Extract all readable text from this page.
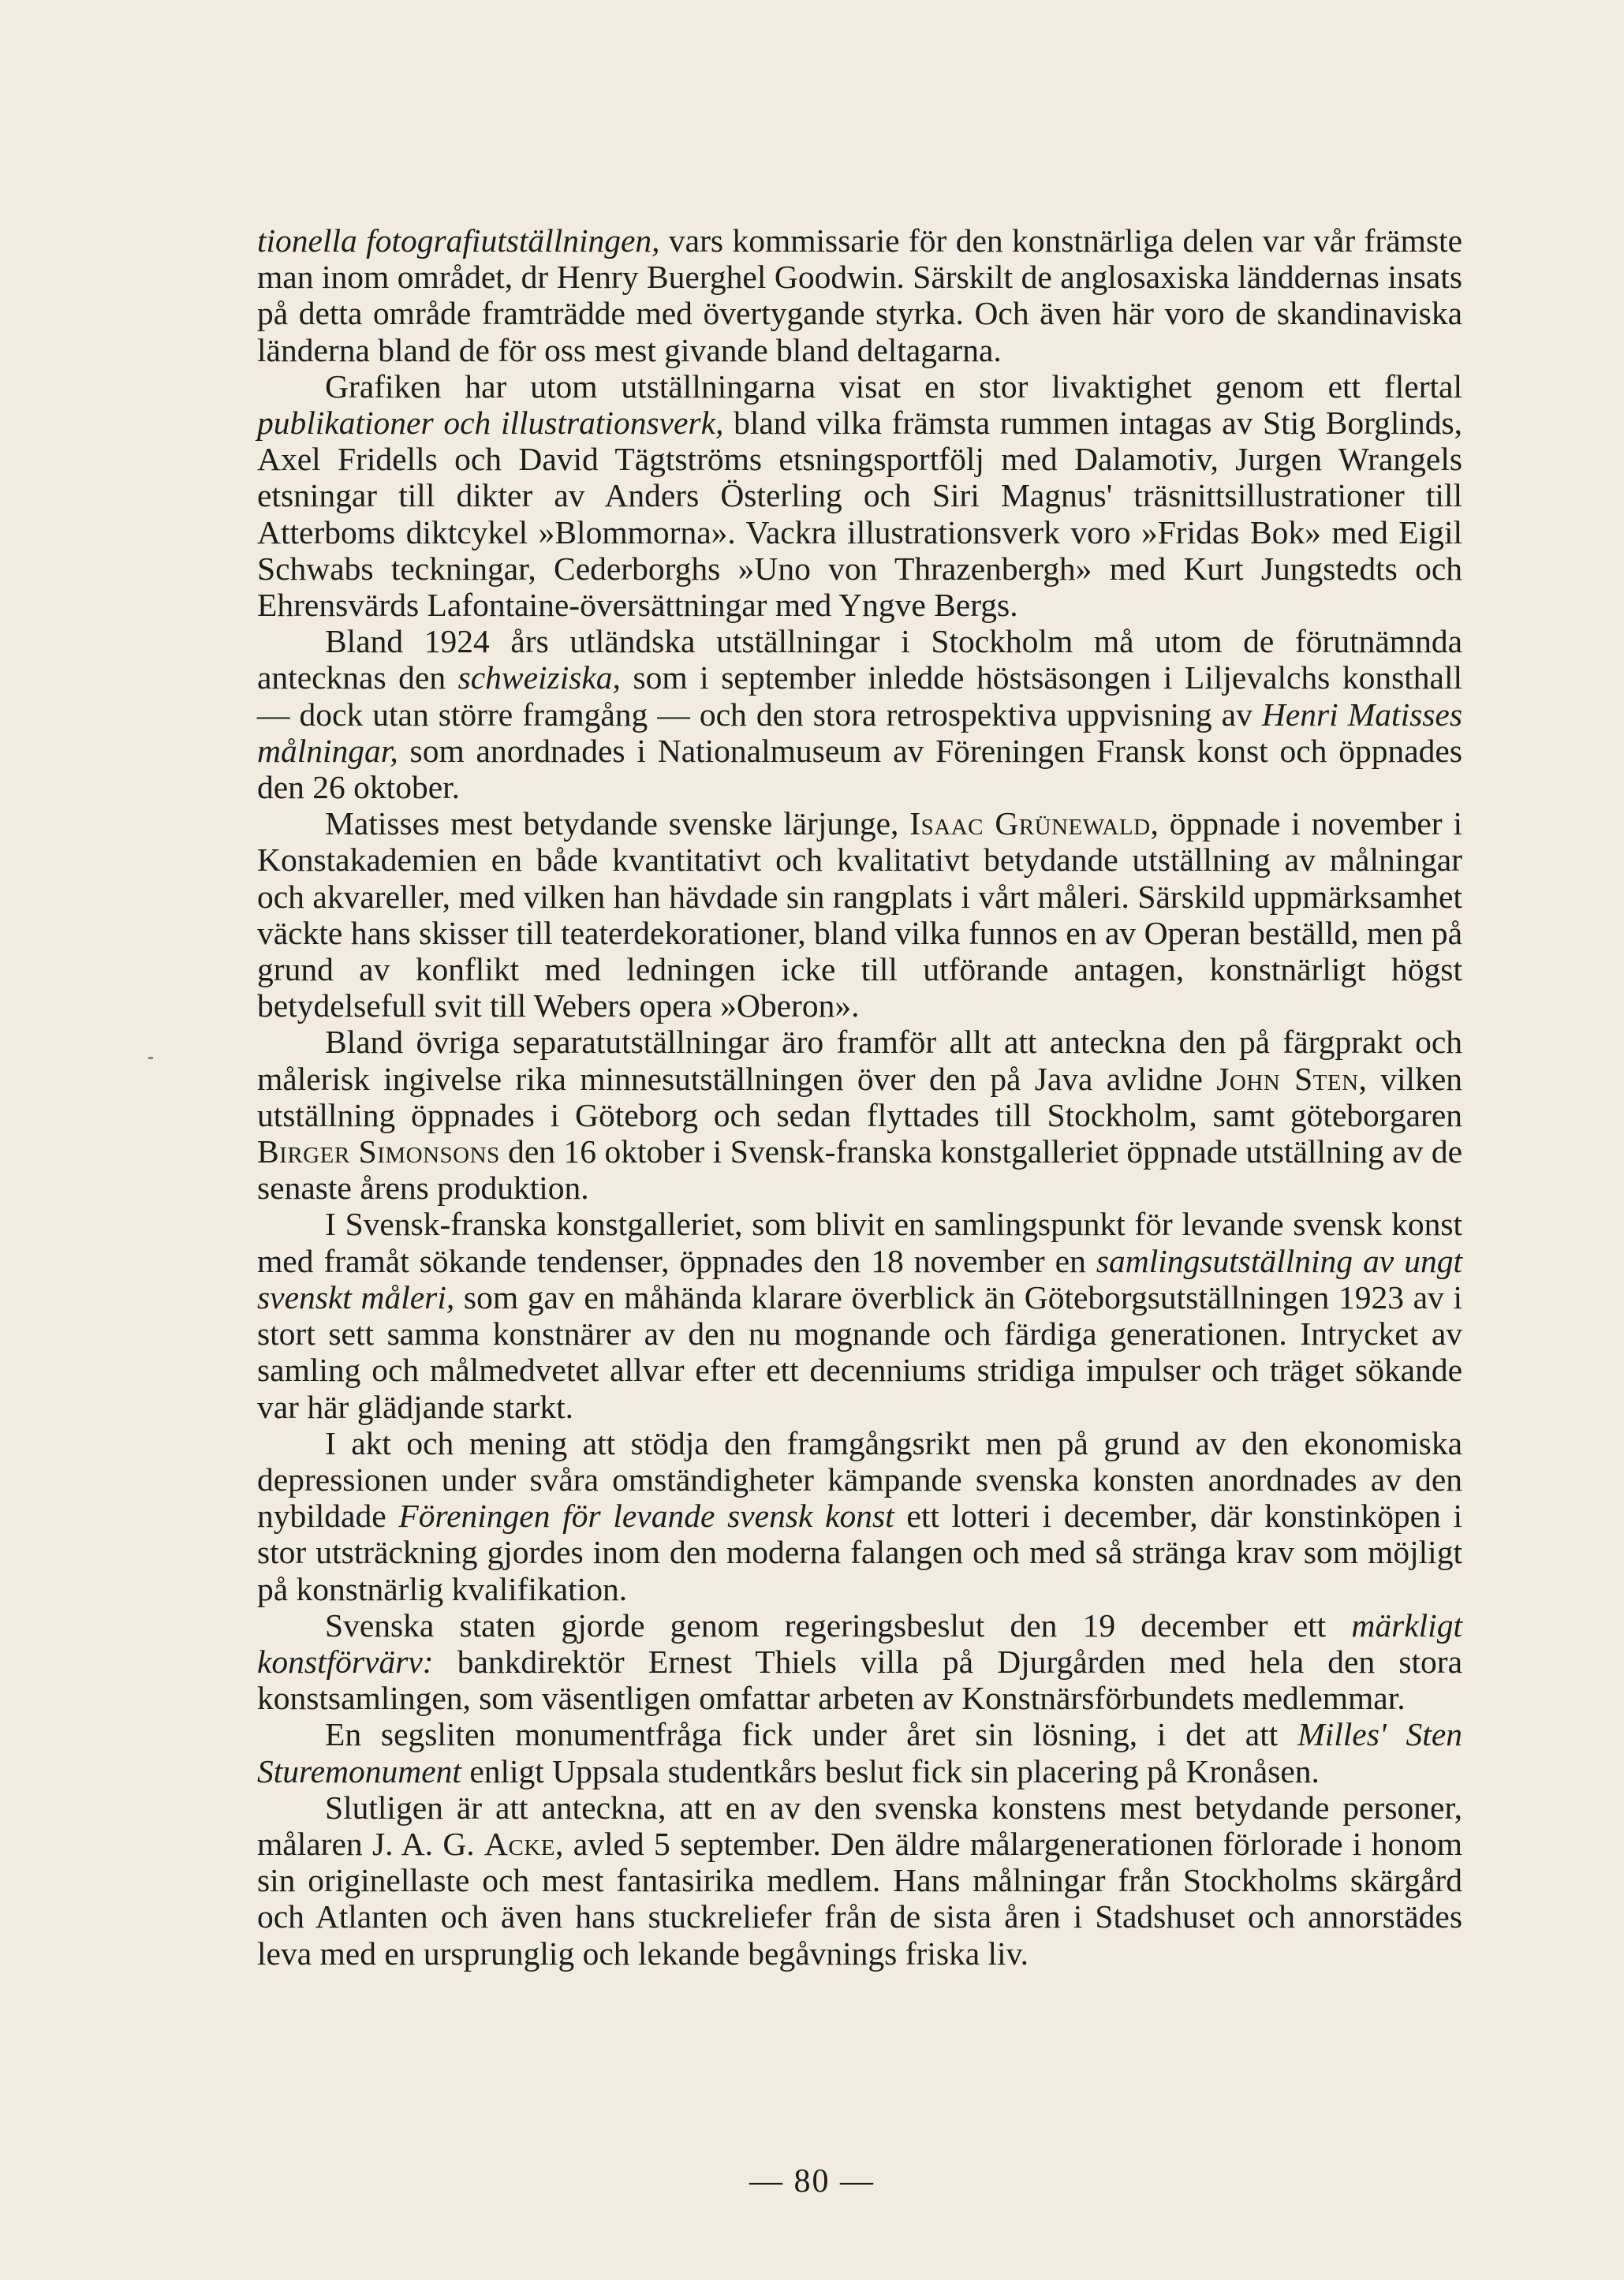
tionella fotografiutställningen, vars kommissarie för den konstnärliga delen var vår främste man inom området, dr Henry Buerghel Goodwin. Särskilt de anglosaxiska länddernas insats på detta område framträdde med övertygande styrka. Och även här voro de skandinaviska länderna bland de för oss mest givande bland deltagarna.

Grafiken har utom utställningarna visat en stor livaktighet genom ett flertal publikationer och illustrationsverk, bland vilka främsta rummen intagas av Stig Borglinds, Axel Fridells och David Tägtströms etsningsportfölj med Dalamotiv, Jurgen Wrangels etsningar till dikter av Anders Österling och Siri Magnus' träsnittsillustrationer till Atterboms diktcykel »Blommorna». Vackra illustrationsverk voro »Fridas Bok» med Eigil Schwabs teckningar, Cederborghs »Uno von Thrazenbergh» med Kurt Jungstedts och Ehrensvärds Lafontaine-översättningar med Yngve Bergs.

Bland 1924 års utländska utställningar i Stockholm må utom de förutnämnda antecknas den schweiziska, som i september inledde höstsäsongen i Liljevalchs konsthall — dock utan större framgång — och den stora retrospektiva uppvisning av Henri Matisses målningar, som anordnades i Nationalmuseum av Föreningen Fransk konst och öppnades den 26 oktober.

Matisses mest betydande svenske lärjunge, Isaac Grünewald, öppnade i november i Konstakademien en både kvantitativt och kvalitativt betydande utställning av målningar och akvareller, med vilken han hävdade sin rangplats i vårt måleri. Särskild uppmärksamhet väckte hans skisser till teaterdekorationer, bland vilka funnos en av Operan beställd, men på grund av konflikt med ledningen icke till utförande antagen, konstnärligt högst betydelsefull svit till Webers opera »Oberon».

Bland övriga separatutställningar äro framför allt att anteckna den på färgprakt och målerisk ingivelse rika minnesutställningen över den på Java avlidne John Sten, vilken utställning öppnades i Göteborg och sedan flyttades till Stockholm, samt göteborgaren Birger Simonsons den 16 oktober i Svensk-franska konstgalleriet öppnade utställning av de senaste årens produktion.

I Svensk-franska konstgalleriet, som blivit en samlingspunkt för levande svensk konst med framåt sökande tendenser, öppnades den 18 november en samlingsutställning av ungt svenskt måleri, som gav en måhända klarare överblick än Göteborgsutställningen 1923 av i stort sett samma konstnärer av den nu mognande och färdiga generationen. Intrycket av samling och målmedvetet allvar efter ett decenniums stridiga impulser och träget sökande var här glädjande starkt.

I akt och mening att stödja den framgångsrikt men på grund av den ekonomiska depressionen under svåra omständigheter kämpande svenska konsten anordnades av den nybildade Föreningen för levande svensk konst ett lotteri i december, där konstinköpen i stor utsträckning gjordes inom den moderna falangen och med så stränga krav som möjligt på konstnärlig kvalifikation.

Svenska staten gjorde genom regeringsbeslut den 19 december ett märkligt konstförvärv: bankdirektör Ernest Thiels villa på Djurgården med hela den stora konstsamlingen, som väsentligen omfattar arbeten av Konstnärsförbundets medlemmar.

En segsliten monumentfråga fick under året sin lösning, i det att Milles' Sten Sturemonument enligt Uppsala studentkårs beslut fick sin placering på Kronåsen.

Slutligen är att anteckna, att en av den svenska konstens mest betydande personer, målaren J. A. G. Acke, avled 5 september. Den äldre målargenerationen förlorade i honom sin originellaste och mest fantasirika medlem. Hans målningar från Stockholms skärgård och Atlanten och även hans stuckreliefer från de sista åren i Stadshuset och annorstädes leva med en ursprunglig och lekande begåvnings friska liv.

— 80 —
